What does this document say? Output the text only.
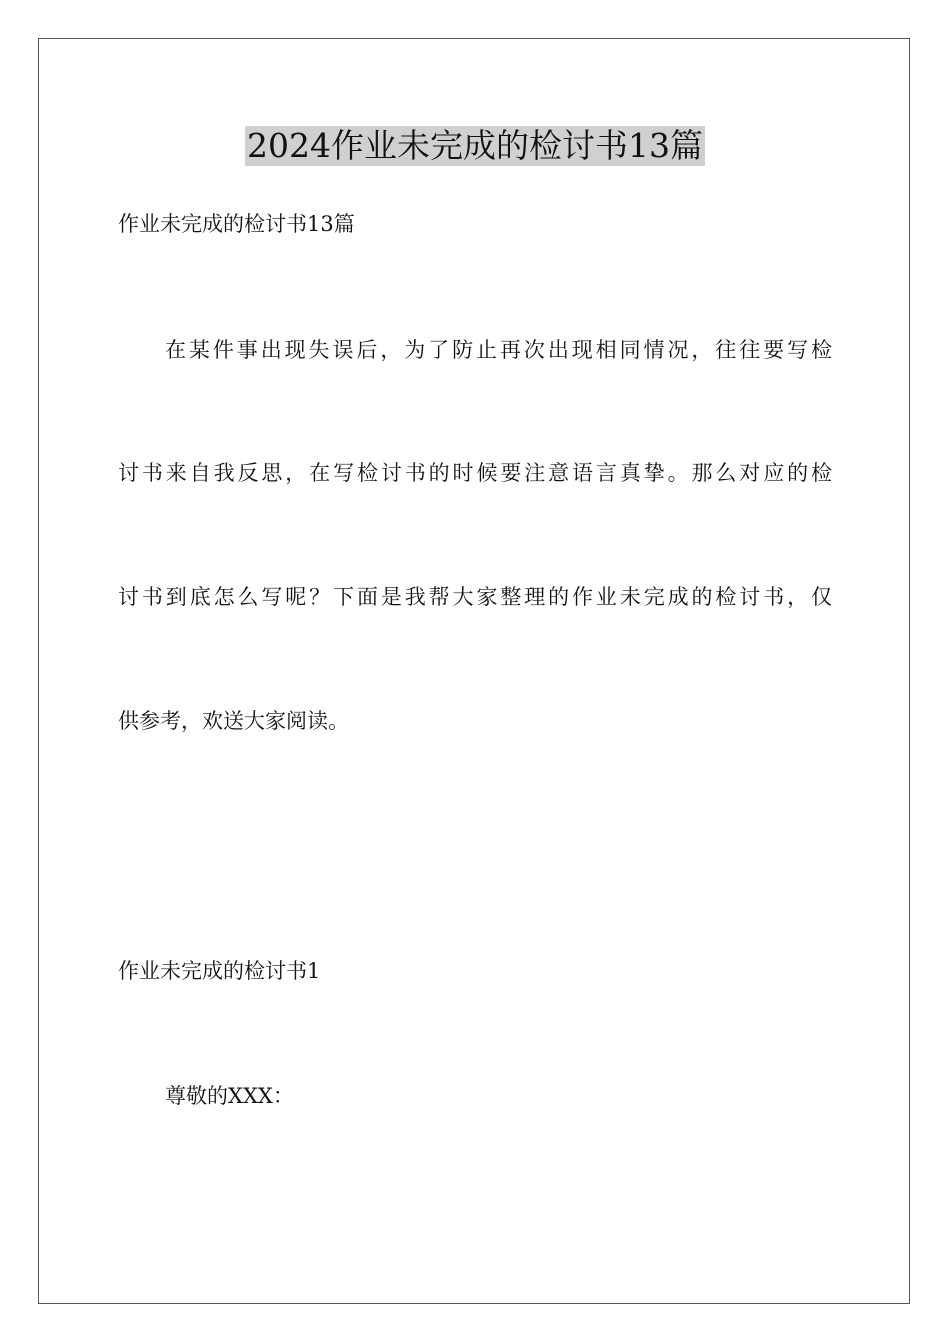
2024作业未完成的检讨书13篇
作业未完成的检讨书13篇
在某件事出现失误后，为了防止再次出现相同情况，往往要写检
讨书来自我反思，在写检讨书的时候要注意语言真挚。那么对应的检
讨书到底怎么写呢？下面是我帮大家整理的作业未完成的检讨书，仅
供参考，欢送大家阅读。
作业未完成的检讨书1
尊敬的XXX：
